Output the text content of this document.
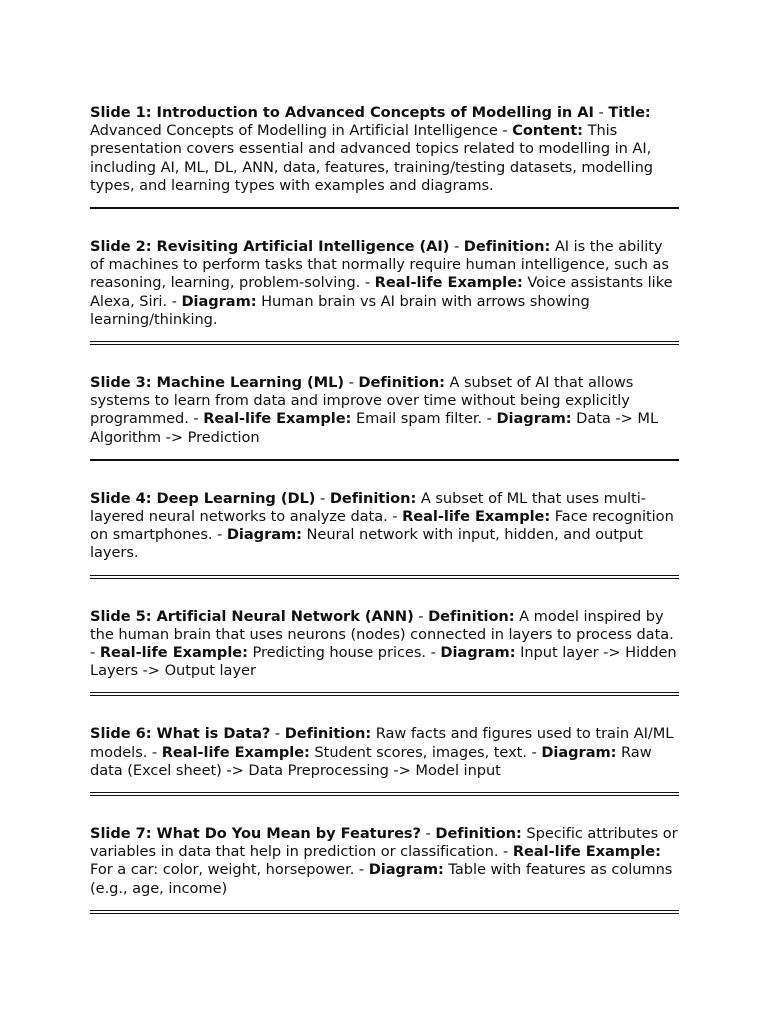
Slide 1: Introduction to Advanced Concepts of Modelling in AI - Title: Advanced Concepts of Modelling in Artificial Intelligence - Content: This presentation covers essential and advanced topics related to modelling in AI, including AI, ML, DL, ANN, data, features, training/testing datasets, modelling types, and learning types with examples and diagrams.

Slide 2: Revisiting Artificial Intelligence (AI) - Definition: AI is the ability of machines to perform tasks that normally require human intelligence, such as reasoning, learning, problem-solving. - Real-life Example: Voice assistants like Alexa, Siri. - Diagram: Human brain vs AI brain with arrows showing learning/thinking.

Slide 3: Machine Learning (ML) - Definition: A subset of AI that allows systems to learn from data and improve over time without being explicitly programmed. - Real-life Example: Email spam filter. - Diagram: Data -> ML Algorithm -> Prediction

Slide 4: Deep Learning (DL) - Definition: A subset of ML that uses multi-layered neural networks to analyze data. - Real-life Example: Face recognition on smartphones. - Diagram: Neural network with input, hidden, and output layers.

Slide 5: Artificial Neural Network (ANN) - Definition: A model inspired by the human brain that uses neurons (nodes) connected in layers to process data. - Real-life Example: Predicting house prices. - Diagram: Input layer -> Hidden Layers -> Output layer

Slide 6: What is Data? - Definition: Raw facts and figures used to train AI/ML models. - Real-life Example: Student scores, images, text. - Diagram: Raw data (Excel sheet) -> Data Preprocessing -> Model input

Slide 7: What Do You Mean by Features? - Definition: Specific attributes or variables in data that help in prediction or classification. - Real-life Example: For a car: color, weight, horsepower. - Diagram: Table with features as columns (e.g., age, income)
